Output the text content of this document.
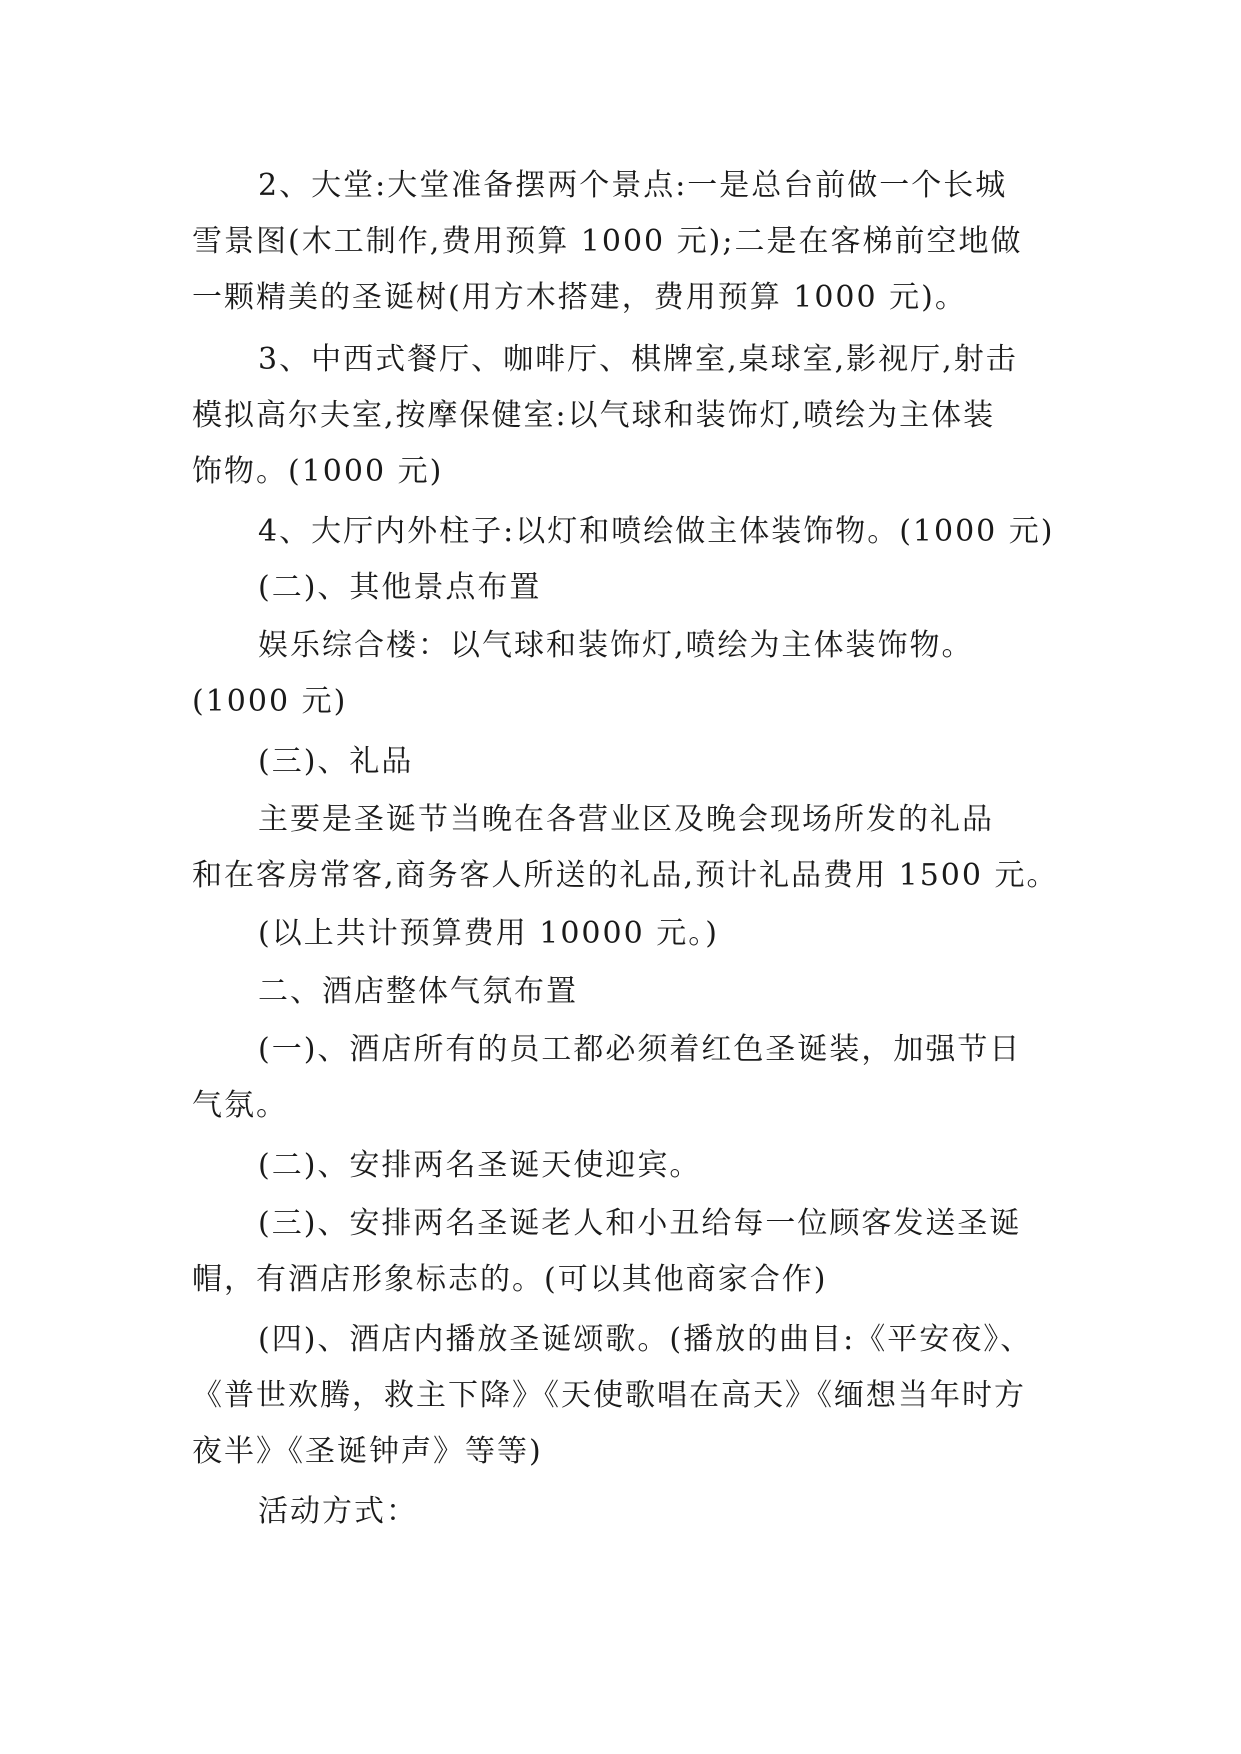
2、大堂:大堂准备摆两个景点:一是总台前做一个长城
雪景图(木工制作,费用预算 1000 元);二是在客梯前空地做
一颗精美的圣诞树(用方木搭建，费用预算 1000 元)。
3、中西式餐厅、咖啡厅、棋牌室,桌球室,影视厅,射击
模拟高尔夫室,按摩保健室:以气球和装饰灯,喷绘为主体装
饰物。(1000 元)
4、大厅内外柱子:以灯和喷绘做主体装饰物。(1000 元)
(二)、其他景点布置
娱乐综合楼：以气球和装饰灯,喷绘为主体装饰物。
(1000 元)
(三)、礼品
主要是圣诞节当晚在各营业区及晚会现场所发的礼品
和在客房常客,商务客人所送的礼品,预计礼品费用 1500 元。
(以上共计预算费用 10000 元。)
二、酒店整体气氛布置
(一)、酒店所有的员工都必须着红色圣诞装，加强节日
气氛。
(二)、安排两名圣诞天使迎宾。
(三)、安排两名圣诞老人和小丑给每一位顾客发送圣诞
帽，有酒店形象标志的。(可以其他商家合作)
(四)、酒店内播放圣诞颂歌。(播放的曲目:《平安夜》、
《普世欢腾，救主下降》《天使歌唱在高天》《缅想当年时方
夜半》《圣诞钟声》等等)
活动方式：
